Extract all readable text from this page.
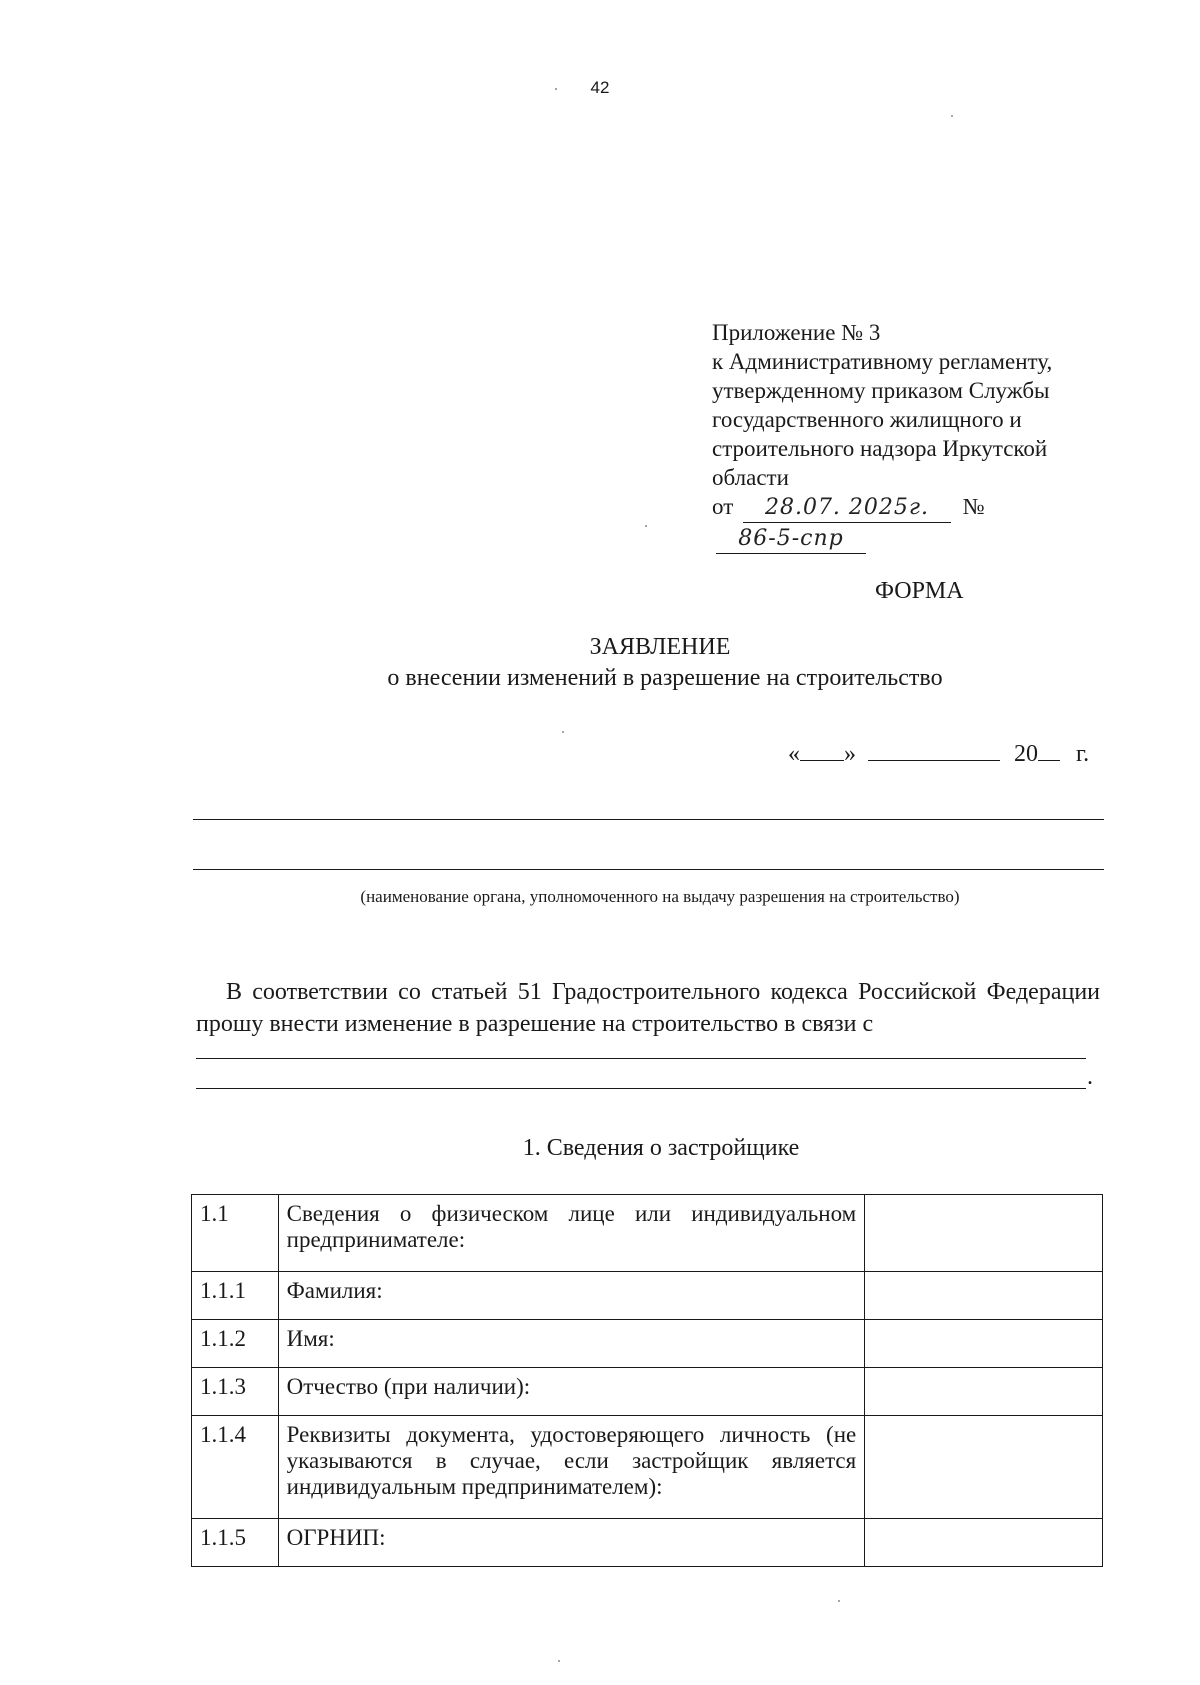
42
Приложение № 3
к Административному регламенту,
утвержденному приказом Службы
государственного жилищного и
строительного надзора Иркутской
области
от 28.07. 2025г. № 86-5-спр
ФОРМА
ЗАЯВЛЕНИЕ
о внесении изменений в разрешение на строительство
« »	20 г.
(наименование органа, уполномоченного на выдачу разрешения на строительство)

В соответствии со статьей 51 Градостроительного кодекса Российской Федерации прошу внести изменение в разрешение на строительство в связи с

.
1. Сведения о застройщике
1.1	Сведения о физическом лице или индивидуальном предпринимателе:	
1.1.1	Фамилия:	
1.1.2	Имя:	
1.1.3	Отчество (при наличии):	
1.1.4	Реквизиты документа, удостоверяющего личность (не указываются в случае, если застройщик является индивидуальным предпринимателем):	
1.1.5	ОГРНИП:	
